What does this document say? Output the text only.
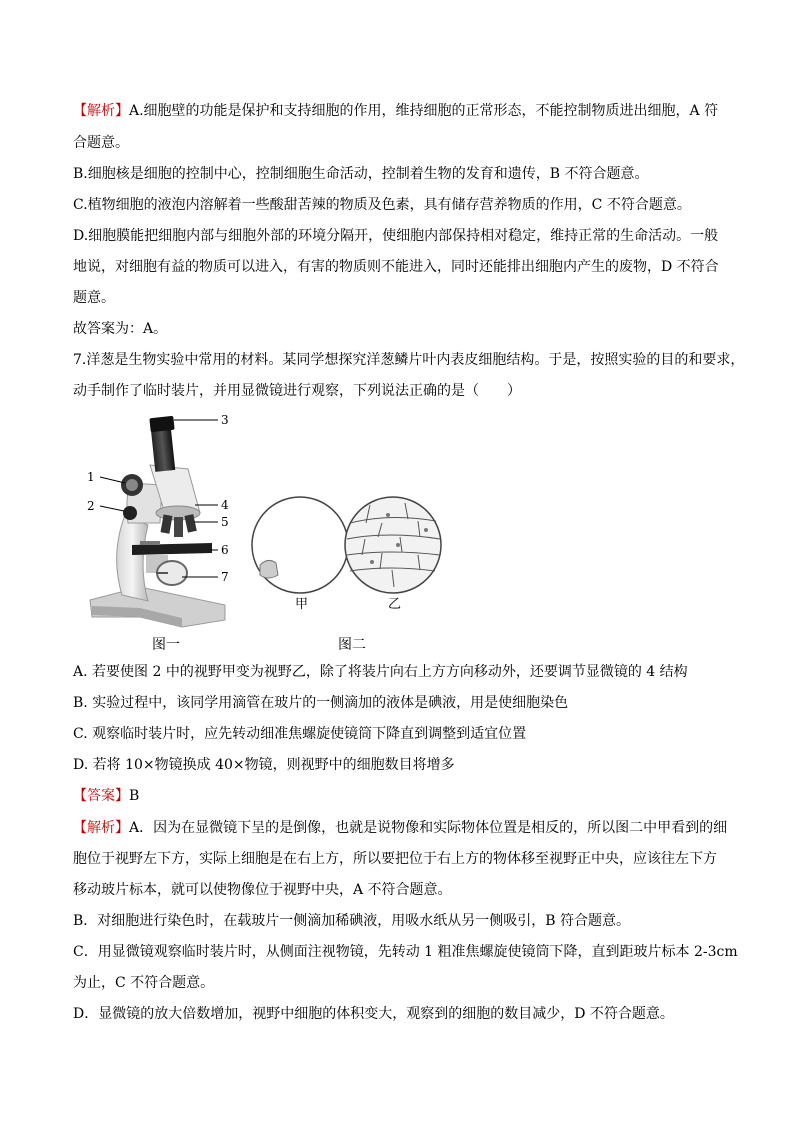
【解析】A.细胞壁的功能是保护和支持细胞的作用，维持细胞的正常形态，不能控制物质进出细胞，A 符
合题意。
B.细胞核是细胞的控制中心，控制细胞生命活动，控制着生物的发育和遗传，B 不符合题意。
C.植物细胞的液泡内溶解着一些酸甜苦辣的物质及色素，具有储存营养物质的作用，C 不符合题意。
D.细胞膜能把细胞内部与细胞外部的环境分隔开，使细胞内部保持相对稳定，维持正常的生命活动。一般
地说，对细胞有益的物质可以进入，有害的物质则不能进入，同时还能排出细胞内产生的废物，D 不符合
题意。
故答案为：A。
7.洋葱是生物实验中常用的材料。某同学想探究洋葱鳞片叶内表皮细胞结构。于是，按照实验的目的和要求，
动手制作了临时装片，并用显微镜进行观察，下列说法正确的是（　　）
1
2
3
4
5
6
7
甲	乙
图一	图二
A. 若要使图 2 中的视野甲变为视野乙，除了将装片向右上方方向移动外，还要调节显微镜的 4 结构
B. 实验过程中，该同学用滴管在玻片的一侧滴加的液体是碘液，用是使细胞染色
C. 观察临时装片时，应先转动细准焦螺旋使镜筒下降直到调整到适宜位置
D. 若将 10×物镜换成 40×物镜，则视野中的细胞数目将增多
【答案】B
【解析】A．因为在显微镜下呈的是倒像，也就是说物像和实际物体位置是相反的，所以图二中甲看到的细
胞位于视野左下方，实际上细胞是在右上方，所以要把位于右上方的物体移至视野正中央，应该往左下方
移动玻片标本，就可以使物像位于视野中央，A 不符合题意。
B．对细胞进行染色时，在载玻片一侧滴加稀碘液，用吸水纸从另一侧吸引，B 符合题意。
C．用显微镜观察临时装片时，从侧面注视物镜，先转动 1 粗准焦螺旋使镜筒下降，直到距玻片标本 2-3cm
为止，C 不符合题意。
D．显微镜的放大倍数增加，视野中细胞的体积变大，观察到的细胞的数目减少，D 不符合题意。
